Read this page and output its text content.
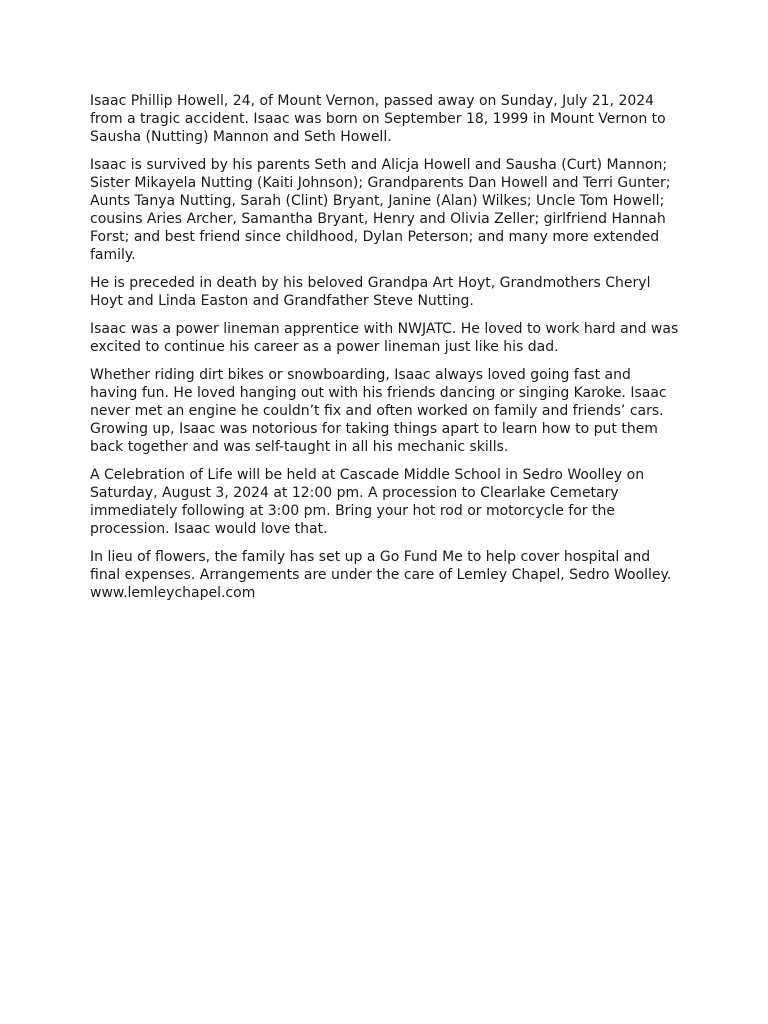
Isaac Phillip Howell, 24, of Mount Vernon, passed away on Sunday, July 21, 2024 from a tragic accident. Isaac was born on September 18, 1999 in Mount Vernon to Sausha (Nutting) Mannon and Seth Howell.

Isaac is survived by his parents Seth and Alicja Howell and Sausha (Curt) Mannon; Sister Mikayela Nutting (Kaiti Johnson); Grandparents Dan Howell and Terri Gunter; Aunts Tanya Nutting, Sarah (Clint) Bryant, Janine (Alan) Wilkes; Uncle Tom Howell; cousins Aries Archer, Samantha Bryant, Henry and Olivia Zeller; girlfriend Hannah Forst; and best friend since childhood, Dylan Peterson; and many more extended family.

He is preceded in death by his beloved Grandpa Art Hoyt, Grandmothers Cheryl Hoyt and Linda Easton and Grandfather Steve Nutting.

Isaac was a power lineman apprentice with NWJATC. He loved to work hard and was excited to continue his career as a power lineman just like his dad.

Whether riding dirt bikes or snowboarding, Isaac always loved going fast and having fun. He loved hanging out with his friends dancing or singing Karoke. Isaac never met an engine he couldn’t fix and often worked on family and friends’ cars. Growing up, Isaac was notorious for taking things apart to learn how to put them back together and was self-taught in all his mechanic skills.

A Celebration of Life will be held at Cascade Middle School in Sedro Woolley on Saturday, August 3, 2024 at 12:00 pm. A procession to Clearlake Cemetary immediately following at 3:00 pm. Bring your hot rod or motorcycle for the procession. Isaac would love that.

In lieu of flowers, the family has set up a Go Fund Me to help cover hospital and final expenses. Arrangements are under the care of Lemley Chapel, Sedro Woolley. www.lemleychapel.com
